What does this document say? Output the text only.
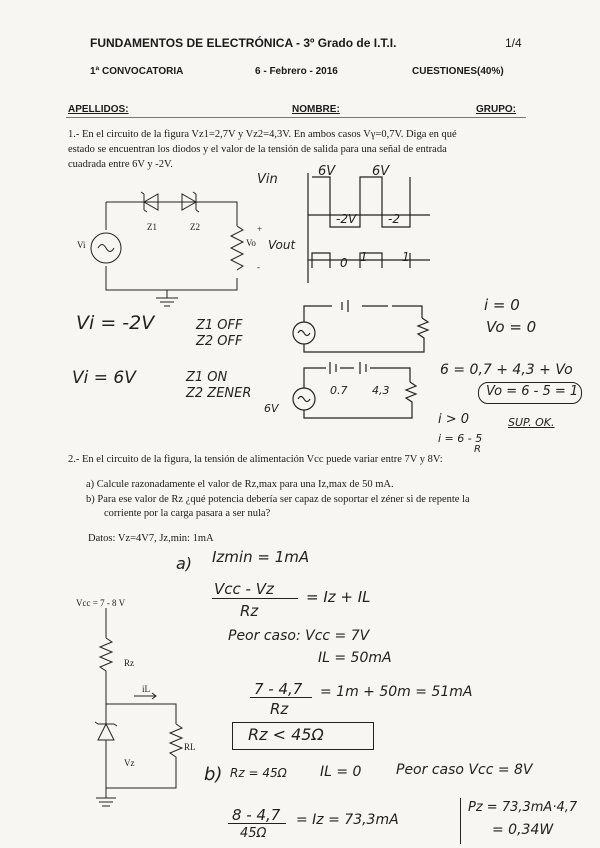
FUNDAMENTOS DE ELECTRÓNICA - 3º Grado de I.T.I.	1/4
1ª CONVOCATORIA	6 - Febrero - 2016	CUESTIONES(40%)
APELLIDOS:	NOMBRE:	GRUPO:
1.- En el circuito de la figura Vz1=2,7V y Vz2=4,3V. En ambos casos Vγ=0,7V. Diga en qué
estado se encuentran los diodos y el valor de la tensión de salida para una señal de entrada
cuadrada entre 6V y -2V.
Vi
Z1	Z2
Vo
+
-
Vin
6V	6V
-2V	-2
Vout
0 1	1
Vi = -2V	Z1 OFF
Z2 OFF
i = 0
Vo = 0
Vi = 6V	Z1 ON
Z2 ZENER
6V
0.7 4,3
6 = 0,7 + 4,3 + Vo
Vo = 6 - 5 = 1
i > 0	SUP. OK.
i = 6 - 5
R
2.- En el circuito de la figura, la tensión de alimentación Vcc puede variar entre 7V y 8V:
a) Calcule razonadamente el valor de Rz,max para una Iz,max de 50 mA.
b) Para ese valor de Rz ¿qué potencia debería ser capaz de soportar el zéner si de repente la
corriente por la carga pasara a ser nula?
Datos: Vz=4V7, Jz,min: 1mA
Vcc = 7 - 8 V
Rz
iL
RL
Vz
a) Izmin = 1mA
Vcc - Vz
Rz
= Iz + IL
Peor caso: Vcc = 7V
IL = 50mA
7 - 4,7
Rz
= 1m + 50m = 51mA
Rz < 45Ω
b) Rz = 45Ω IL = 0 Peor caso Vcc = 8V
8 - 4,7
45Ω
= Iz = 73,3mA
Pz = 73,3mA·4,7
= 0,34W
